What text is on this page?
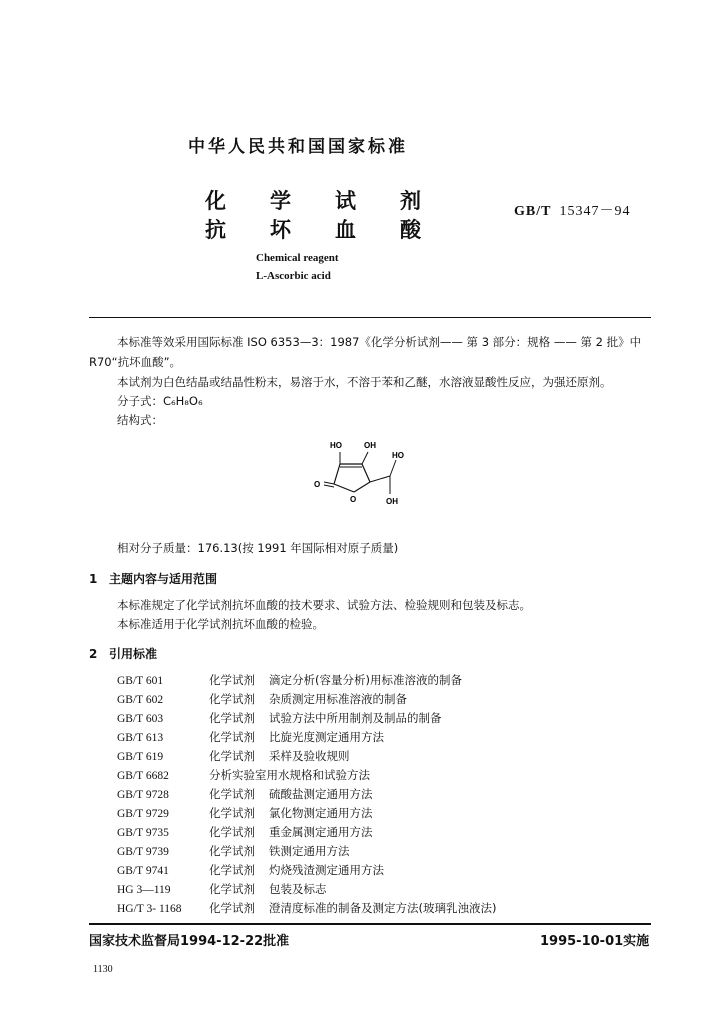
中华人民共和国国家标准
化学试剂
抗坏血酸
GB/T 15347－94
Chemical reagent
L-Ascorbic acid
本标准等效采用国际标准 ISO 6353—3：1987《化学分析试剂—— 第 3 部分：规格 —— 第 2 批》中
R70“抗坏血酸”。
本试剂为白色结晶或结晶性粉末，易溶于水，不溶于苯和乙醚，水溶液显酸性反应，为强还原剂。
分子式：C₆H₈O₆
结构式：
HO	OH
HO
O
O	OH
相对分子质量：176.13(按 1991 年国际相对原子质量)
1 主题内容与适用范围
本标准规定了化学试剂抗坏血酸的技术要求、试验方法、检验规则和包装及标志。
本标准适用于化学试剂抗坏血酸的检验。
2 引用标准
GB/T 601	化学试剂 滴定分析(容量分析)用标准溶液的制备
GB/T 602	化学试剂 杂质测定用标准溶液的制备
GB/T 603	化学试剂 试验方法中所用制剂及制品的制备
GB/T 613	化学试剂 比旋光度测定通用方法
GB/T 619	化学试剂 采样及验收规则
GB/T 6682	分析实验室用水规格和试验方法
GB/T 9728	化学试剂 硫酸盐测定通用方法
GB/T 9729	化学试剂 氯化物测定通用方法
GB/T 9735	化学试剂 重金属测定通用方法
GB/T 9739	化学试剂 铁测定通用方法
GB/T 9741	化学试剂 灼烧残渣测定通用方法
HG 3—119	化学试剂 包装及标志
HG/T 3- 1168 化学试剂 澄清度标准的制备及测定方法(玻璃乳浊液法)
国家技术监督局1994-12-22批准	1995-10-01实施
1130
